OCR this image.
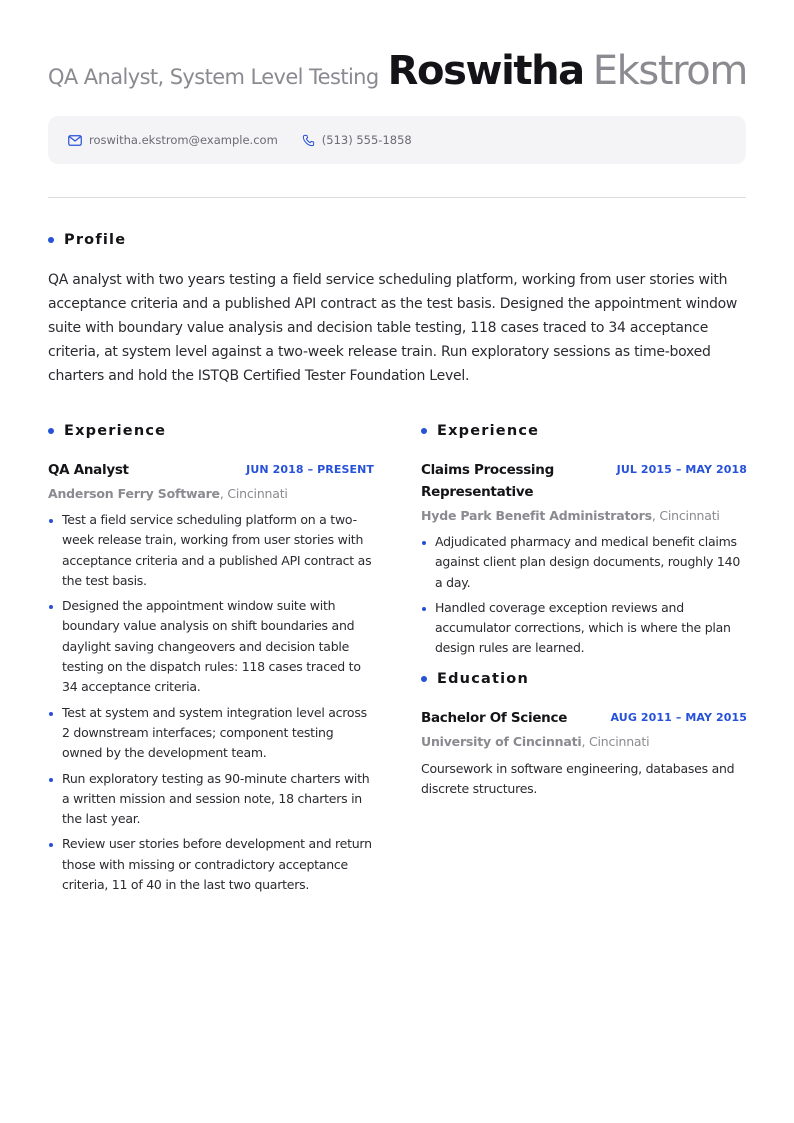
QA Analyst, System Level Testing Roswitha Ekstrom
roswitha.ekstrom@example.com	(513) 555-1858
Profile

QA analyst with two years testing a field service scheduling platform, working from user stories with acceptance criteria and a published API contract as the test basis. Designed the appointment window suite with boundary value analysis and decision table testing, 118 cases traced to 34 acceptance criteria, at system level against a two-week release train. Run exploratory sessions as time-boxed charters and hold the ISTQB Certified Tester Foundation Level.

Experience
QA Analyst	JUN 2018 – PRESENT
Anderson Ferry Software, Cincinnati
Test a field service scheduling platform on a two-week release train, working from user stories with acceptance criteria and a published API contract as the test basis.
Designed the appointment window suite with boundary value analysis on shift boundaries and daylight saving changeovers and decision table testing on the dispatch rules: 118 cases traced to 34 acceptance criteria.
Test at system and system integration level across 2 downstream interfaces; component testing owned by the development team.
Run exploratory testing as 90-minute charters with a written mission and session note, 18 charters in the last year.
Review user stories before development and return those with missing or contradictory acceptance criteria, 11 of 40 in the last two quarters.
Experience
Claims Processing Representative
JUL 2015 – MAY 2018
Hyde Park Benefit Administrators, Cincinnati
Adjudicated pharmacy and medical benefit claims against client plan design documents, roughly 140 a day.
Handled coverage exception reviews and accumulator corrections, which is where the plan design rules are learned.
Education
Bachelor Of Science	AUG 2011 – MAY 2015
University of Cincinnati, Cincinnati

Coursework in software engineering, databases and discrete structures.
